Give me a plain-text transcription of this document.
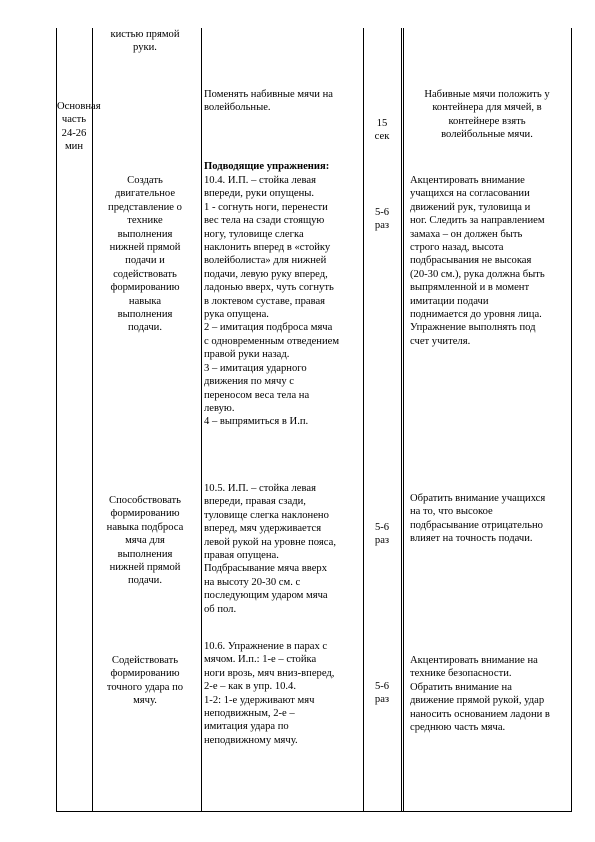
Основная часть 24-26 мин
кистью прямой
руки.
Поменять набивные мячи на
волейбольные.
15
сек
Набивные мячи положить у
контейнера для мячей, в
контейнере взять
волейбольные мячи.
Создать
двигательное
представление о
технике
выполнения
нижней прямой
подачи и
содействовать
формированию
навыка
выполнения
подачи.
Подводящие упражнения:
10.4. И.П. – стойка левая
впереди, руки опущены.
1 - согнуть ноги, перенести
вес тела на сзади стоящую
ногу, туловище слегка
наклонить вперед в «стойку
волейболиста» для нижней
подачи, левую руку вперед,
ладонью вверх, чуть согнуть
в локтевом суставе, правая
рука опущена.
2 – имитация подброса мяча
с одновременным отведением
правой руки назад.
3 – имитация ударного
движения по мячу с
переносом веса тела на
левую.
4 – выпрямиться в И.п.
5-6
раз
Акцентировать внимание
учащихся на согласовании
движений рук, туловища и
ног. Следить за направлением
замаха – он должен быть
строго назад, высота
подбрасывания не высокая
(20-30 см.), рука должна быть
выпрямленной и в момент
имитации подачи
поднимается до уровня лица.
Упражнение выполнять под
счет учителя.
Способствовать
формированию
навыка подброса
мяча для
выполнения
нижней прямой
подачи.
10.5. И.П. – стойка левая
впереди, правая сзади,
туловище слегка наклонено
вперед, мяч удерживается
левой рукой на уровне пояса,
правая опущена.
Подбрасывание мяча вверх
на высоту 20-30 см. с
последующим ударом мяча
об пол.
5-6
раз
Обратить внимание учащихся
на то, что высокое
подбрасывание отрицательно
влияет на точность подачи.
Содействовать
формированию
точного удара по
мячу.
10.6. Упражнение в парах с
мячом. И.п.: 1-е – стойка
ноги врозь, мяч вниз-вперед,
2-е – как в упр. 10.4.
1-2: 1-е удерживают мяч
неподвижным, 2-е –
имитация удара по
неподвижному мячу.
5-6
раз
Акцентировать внимание на
технике безопасности.
Обратить внимание на
движение прямой рукой, удар
наносить основанием ладони в
среднюю часть мяча.
